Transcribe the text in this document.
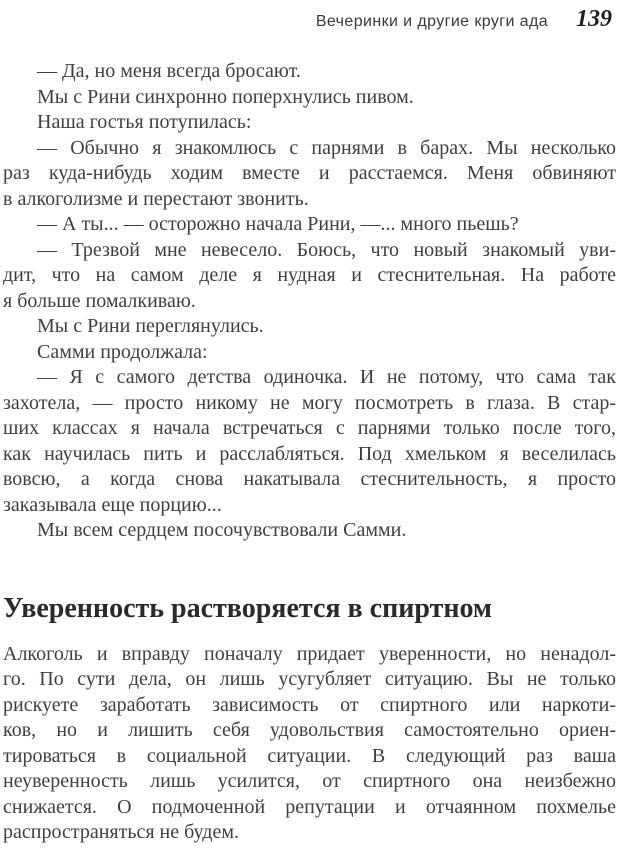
Вечеринки и другие круги ада 139
— Да, но меня всегда бросают.
Мы с Рини синхронно поперхнулись пивом.
Наша гостья потупилась:
— Обычно я знакомлюсь с парнями в барах. Мы несколько
раз куда-нибудь ходим вместе и расстаемся. Меня обвиняют
в алкоголизме и перестают звонить.
— А ты... — осторожно начала Рини, —... много пьешь?
— Трезвой мне невесело. Боюсь, что новый знакомый уви-
дит, что на самом деле я нудная и стеснительная. На работе
я больше помалкиваю.
Мы с Рини переглянулись.
Самми продолжала:
— Я с самого детства одиночка. И не потому, что сама так
захотела, — просто никому не могу посмотреть в глаза. В стар-
ших классах я начала встречаться с парнями только после того,
как научилась пить и расслабляться. Под хмельком я веселилась
вовсю, а когда снова накатывала стеснительность, я просто
заказывала еще порцию...
Мы всем сердцем посочувствовали Самми.
Уверенность растворяется в спиртном
Алкоголь и вправду поначалу придает уверенности, но ненадол-
го. По сути дела, он лишь усугубляет ситуацию. Вы не только
рискуете заработать зависимость от спиртного или наркоти-
ков, но и лишить себя удовольствия самостоятельно ориен-
тироваться в социальной ситуации. В следующий раз ваша
неуверенность лишь усилится, от спиртного она неизбежно
снижается. О подмоченной репутации и отчаянном похмелье
распространяться не будем.
